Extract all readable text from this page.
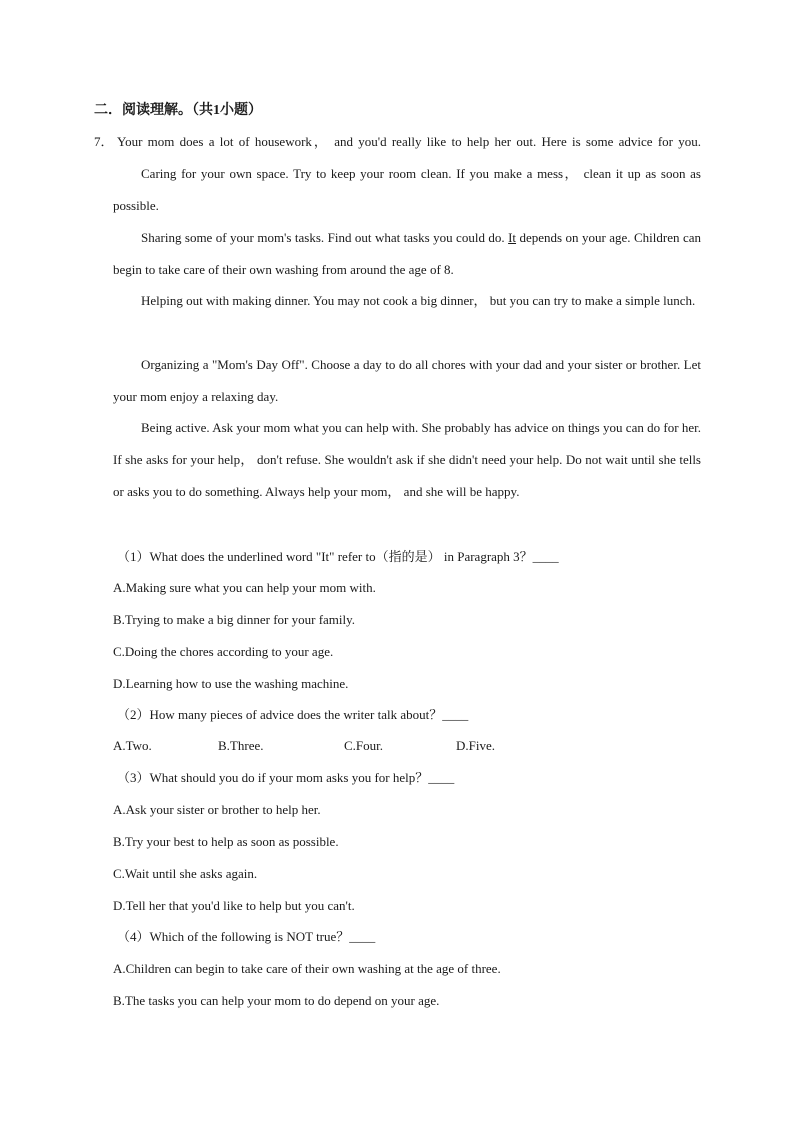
二．阅读理解。（共1小题）
7． Your mom does a lot of housework， and you'd really like to help her out. Here is some advice for you.
Caring for your own space. Try to keep your room clean. If you make a mess， clean it up as soon as possible.
Sharing some of your mom's tasks. Find out what tasks you could do. It depends on your age. Children can begin to take care of their own washing from around the age of 8.
Helping out with making dinner. You may not cook a big dinner， but you can try to make a simple lunch.
Organizing a "Mom's Day Off". Choose a day to do all chores with your dad and your sister or brother. Let your mom enjoy a relaxing day.
Being active. Ask your mom what you can help with. She probably has advice on things you can do for her. If she asks for your help， don't refuse. She wouldn't ask if she didn't need your help. Do not wait until she tells or asks you to do something. Always help your mom， and she will be happy.
（1）What does the underlined word "It" refer to（指的是） in Paragraph 3？____
A.Making sure what you can help your mom with.
B.Trying to make a big dinner for your family.
C.Doing the chores according to your age.
D.Learning how to use the washing machine.
（2）How many pieces of advice does the writer talk about？____
A.Two.	B.Three.	C.Four.	D.Five.
（3）What should you do if your mom asks you for help？____
A.Ask your sister or brother to help her.
B.Try your best to help as soon as possible.
C.Wait until she asks again.
D.Tell her that you'd like to help but you can't.
（4）Which of the following is NOT true？____
A.Children can begin to take care of their own washing at the age of three.
B.The tasks you can help your mom to do depend on your age.
